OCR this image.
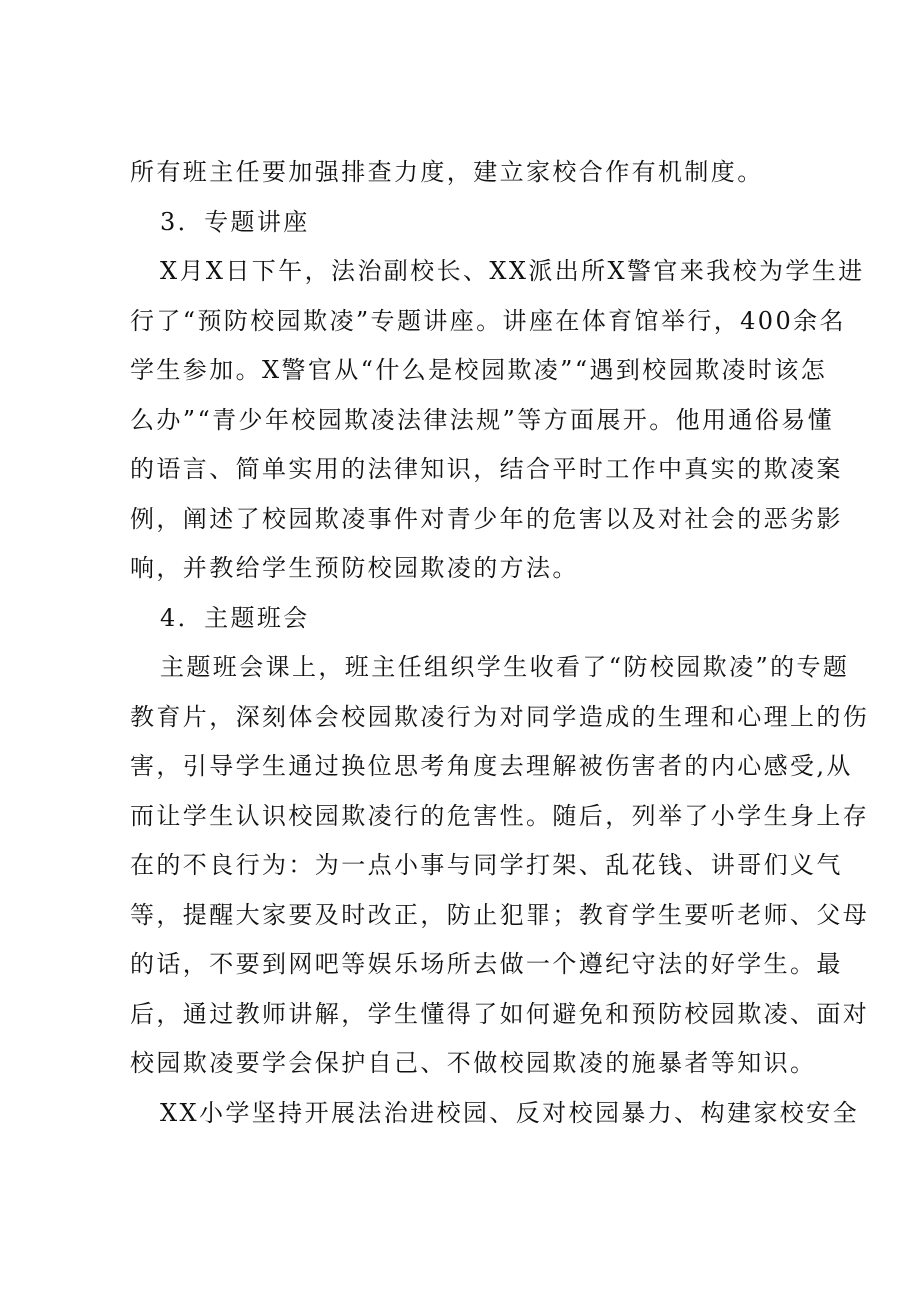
所有班主任要加强排查力度，建立家校合作有机制度。
3．专题讲座
X月X日下午，法治副校长、XX派出所X警官来我校为学生进
行了“预防校园欺凌”专题讲座。讲座在体育馆举行，400余名
学生参加。X警官从“什么是校园欺凌”“遇到校园欺凌时该怎
么办”“青少年校园欺凌法律法规”等方面展开。他用通俗易懂
的语言、简单实用的法律知识，结合平时工作中真实的欺凌案
例，阐述了校园欺凌事件对青少年的危害以及对社会的恶劣影
响，并教给学生预防校园欺凌的方法。
4．主题班会
主题班会课上，班主任组织学生收看了“防校园欺凌”的专题
教育片，深刻体会校园欺凌行为对同学造成的生理和心理上的伤
害，引导学生通过换位思考角度去理解被伤害者的内心感受,从
而让学生认识校园欺凌行的危害性。随后，列举了小学生身上存
在的不良行为：为一点小事与同学打架、乱花钱、讲哥们义气
等，提醒大家要及时改正，防止犯罪；教育学生要听老师、父母
的话，不要到网吧等娱乐场所去做一个遵纪守法的好学生。最
后，通过教师讲解，学生懂得了如何避免和预防校园欺凌、面对
校园欺凌要学会保护自己、不做校园欺凌的施暴者等知识。
XX小学坚持开展法治进校园、反对校园暴力、构建家校安全
